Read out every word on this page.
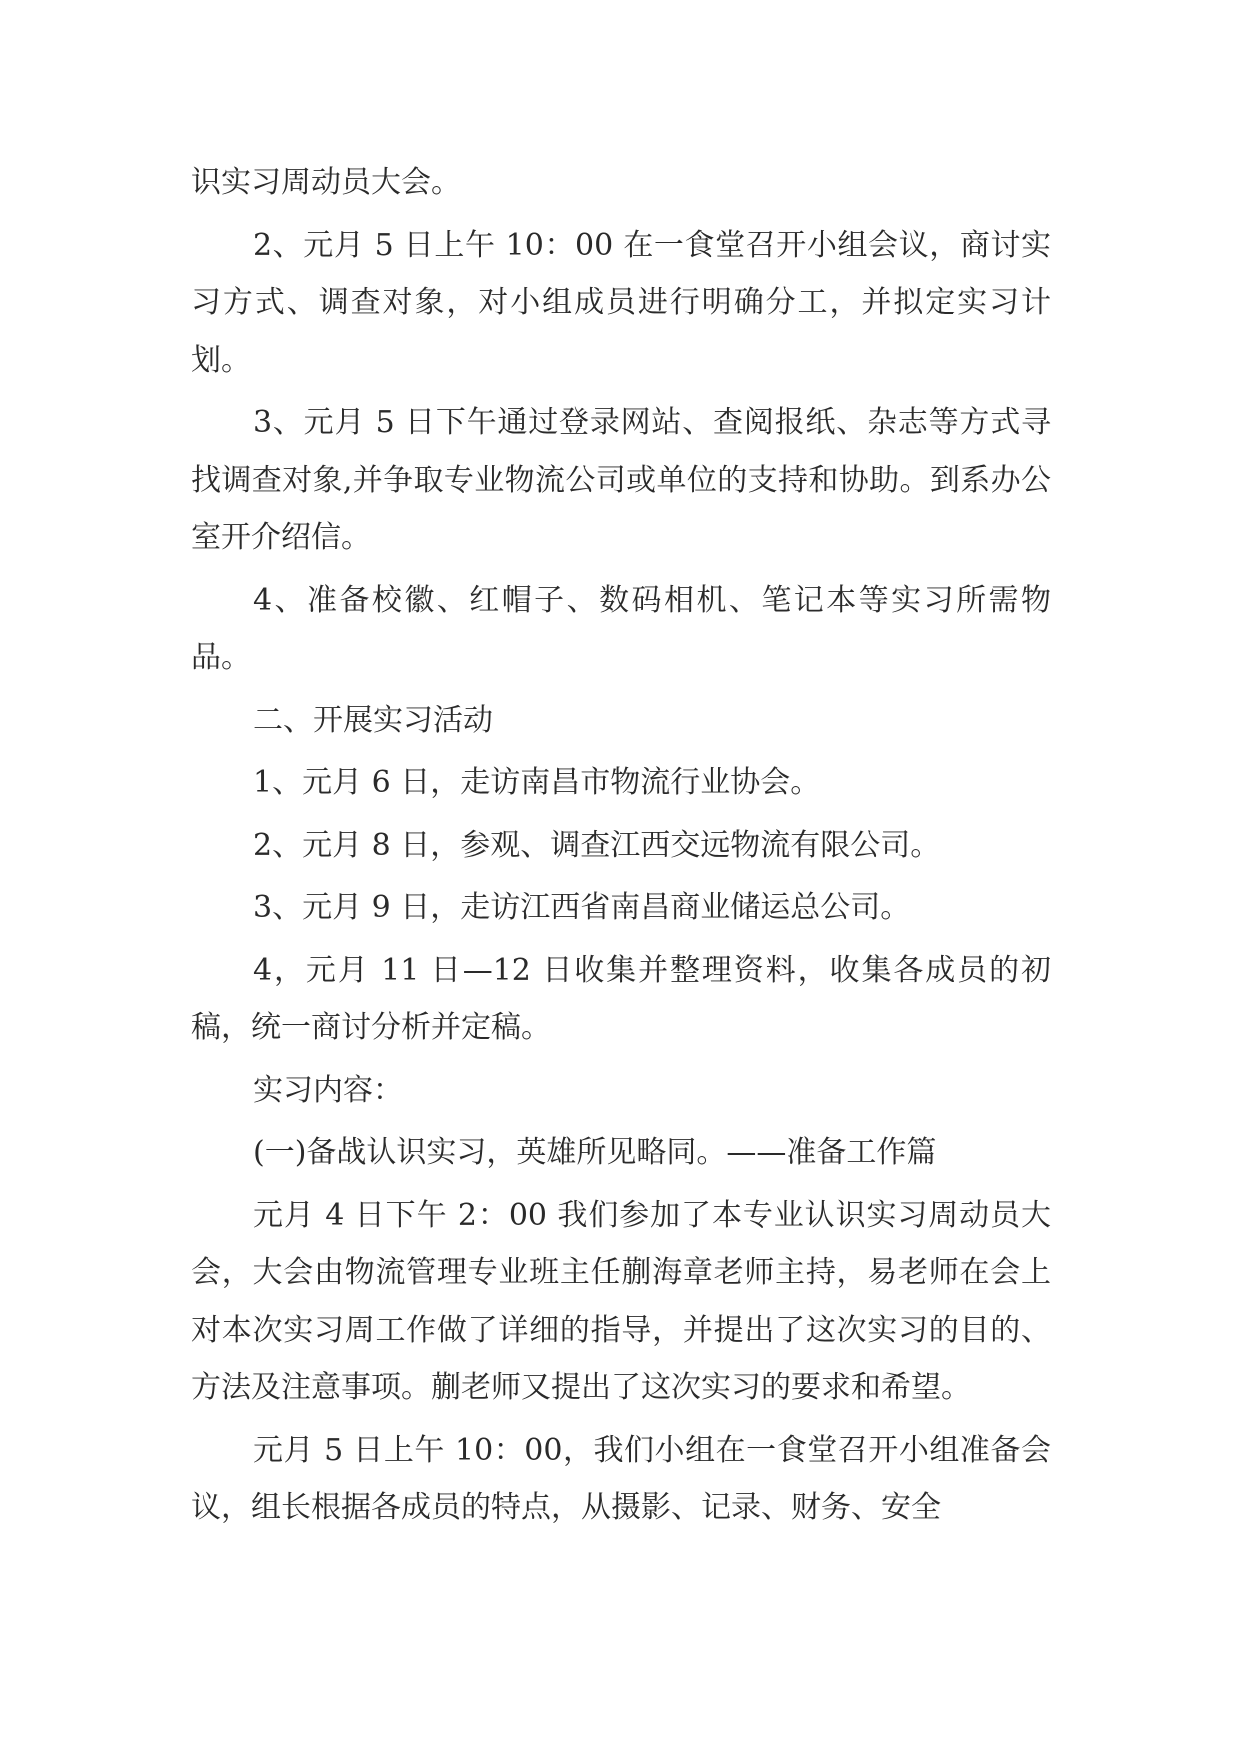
识实习周动员大会。

2、元月 5 日上午 10：00 在一食堂召开小组会议，商讨实习方式、调查对象，对小组成员进行明确分工，并拟定实习计划。

3、元月 5 日下午通过登录网站、查阅报纸、杂志等方式寻找调查对象,并争取专业物流公司或单位的支持和协助。到系办公室开介绍信。

4、准备校徽、红帽子、数码相机、笔记本等实习所需物品。

二、开展实习活动

1、元月 6 日，走访南昌市物流行业协会。

2、元月 8 日，参观、调查江西交远物流有限公司。

3、元月 9 日，走访江西省南昌商业储运总公司。

4，元月 11 日—12 日收集并整理资料，收集各成员的初稿，统一商讨分析并定稿。

实习内容：

(一)备战认识实习，英雄所见略同。——准备工作篇

元月 4 日下午 2：00 我们参加了本专业认识实习周动员大会，大会由物流管理专业班主任蒯海章老师主持，易老师在会上对本次实习周工作做了详细的指导，并提出了这次实习的目的、方法及注意事项。蒯老师又提出了这次实习的要求和希望。

元月 5 日上午 10：00，我们小组在一食堂召开小组准备会议，组长根据各成员的特点，从摄影、记录、财务、安全
